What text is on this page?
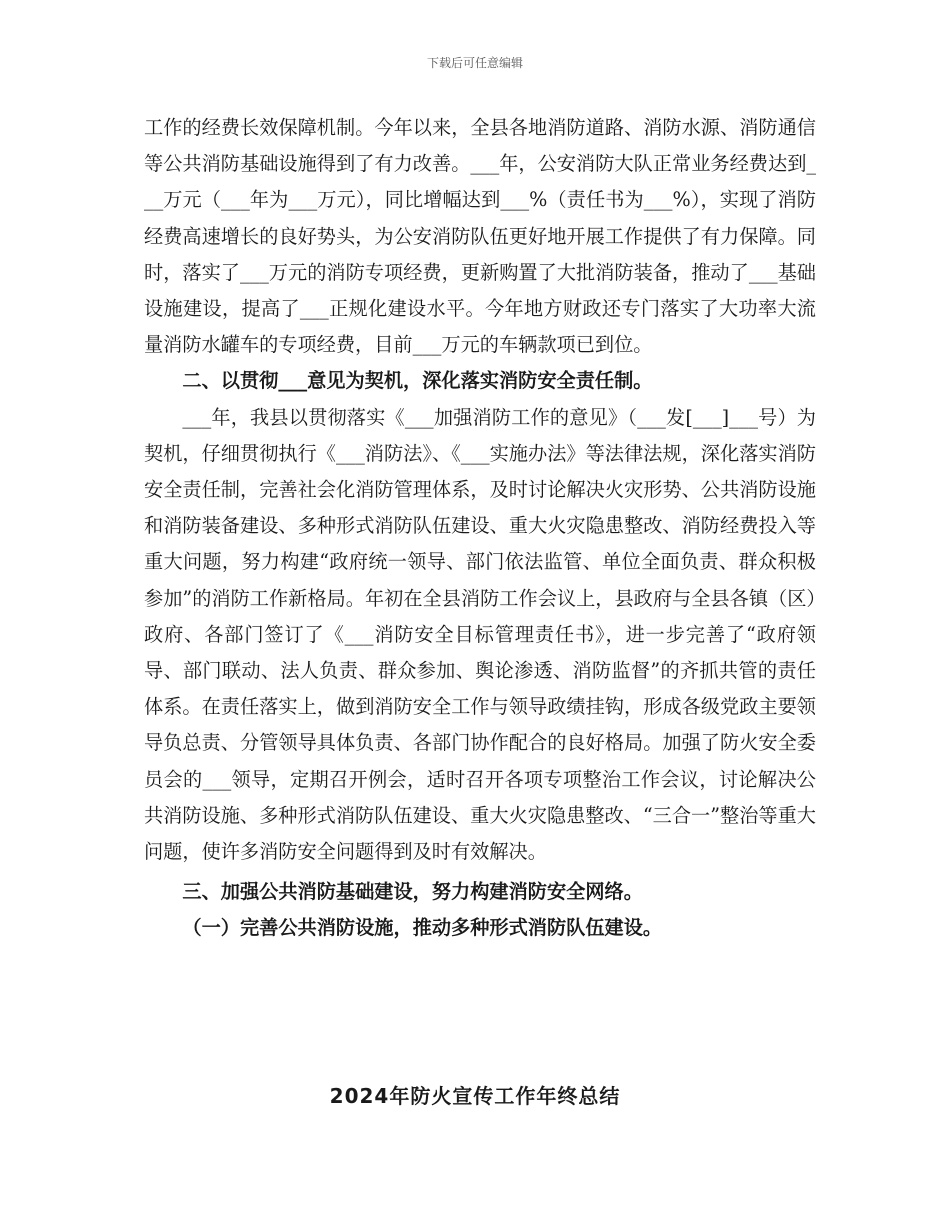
下载后可任意编辑

工作的经费长效保障机制。今年以来，全县各地消防道路、消防水源、消防通信等公共消防基础设施得到了有力改善。___年，公安消防大队正常业务经费达到___万元（___年为___万元），同比增幅达到___%（责任书为___%），实现了消防经费高速增长的良好势头，为公安消防队伍更好地开展工作提供了有力保障。同时，落实了___万元的消防专项经费，更新购置了大批消防装备，推动了___基础设施建设，提高了___正规化建设水平。今年地方财政还专门落实了大功率大流量消防水罐车的专项经费，目前___万元的车辆款项已到位。

二、以贯彻___意见为契机，深化落实消防安全责任制。

___年，我县以贯彻落实《___加强消防工作的意见》（___发[___]___号）为契机，仔细贯彻执行《___消防法》、《___实施办法》等法律法规，深化落实消防安全责任制，完善社会化消防管理体系，及时讨论解决火灾形势、公共消防设施和消防装备建设、多种形式消防队伍建设、重大火灾隐患整改、消防经费投入等重大问题，努力构建“政府统一领导、部门依法监管、单位全面负责、群众积极参加”的消防工作新格局。年初在全县消防工作会议上，县政府与全县各镇（区）政府、各部门签订了《___消防安全目标管理责任书》，进一步完善了“政府领导、部门联动、法人负责、群众参加、舆论渗透、消防监督”的齐抓共管的责任体系。在责任落实上，做到消防安全工作与领导政绩挂钩，形成各级党政主要领导负总责、分管领导具体负责、各部门协作配合的良好格局。加强了防火安全委员会的___领导，定期召开例会，适时召开各项专项整治工作会议，讨论解决公共消防设施、多种形式消防队伍建设、重大火灾隐患整改、“三合一”整治等重大问题，使许多消防安全问题得到及时有效解决。

三、加强公共消防基础建设，努力构建消防安全网络。

（一）完善公共消防设施，推动多种形式消防队伍建设。

2024年防火宣传工作年终总结
